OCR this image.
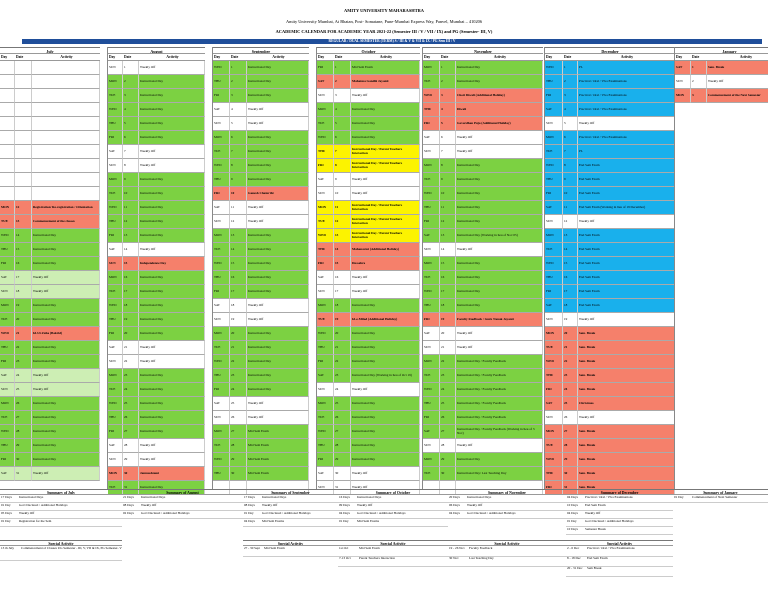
AMITY UNIVERSITY MAHARASHTRA
Amity University Mumbai, At Bhatan, Post- Somatane, Pune-Mumbai Express Way, Panvel, Mumbai – 410206
ACADEMIC CALENDAR FOR ACADEMIC YEAR 2021-22 (Semester III / V / VII / IX) and PG (Semester- III, V)
REGULAR / DUAL SEMESTER (TERM) S / III & V & VII & IX / PG Sem III / V
July
Day	Date	Activity
MON	12	Registration/ Re-registration / Orientation
TUE	13	Commencement of the classes
WED	14	Instructional Day
THU	15	Instructional Day
FRI	16	Instructional Day
SAT	17	Weekly Off
SUN	18	Weekly Off
MON	19	Instructional Day
TUE	20	Instructional Day
WED	21	Id-Ul-Zuha (Bakrid)
THU	22	Instructional Day
FRI	23	Instructional Day
SAT	24	Weekly Off
SUN	25	Weekly Off
MON	26	Instructional Day
TUE	27	Instructional Day
WED	28	Instructional Day
THU	29	Instructional Day
FRI	30	Instructional Day
SAT	31	Weekly Off
August
Day	Date	Activity
SUN	1	Weekly Off
MON	2	Instructional Day
TUE	3	Instructional Day
WED	4	Instructional Day
THU	5	Instructional Day
FRI	6	Instructional Day
SAT	7	Weekly Off
SUN	8	Weekly Off
MON	9	Instructional Day
TUE	10	Instructional Day
WED	11	Instructional Day
THU	12	Instructional Day
FRI	13	Instructional Day
SAT	14	Weekly Off
SUN	15	Independence Day
MON	16	Instructional Day
TUE	17	Instructional Day
WED	18	Instructional Day
THU	19	Instructional Day
FRI	20	Instructional Day
SAT	21	Weekly Off
SUN	22	Weekly Off
MON	23	Instructional Day
TUE	24	Instructional Day
WED	25	Instructional Day
THU	26	Instructional Day
FRI	27	Instructional Day
SAT	28	Weekly Off
SUN	29	Weekly Off
MON	30	Janmashtami
TUE	31	Instructional Day
September
Day	Date	Activity
WED	1	Instructional Day
THU	2	Instructional Day
FRI	3	Instructional Day
SAT	4	Weekly Off
SUN	5	Weekly Off
MON	6	Instructional Day
TUE	7	Instructional Day
WED	8	Instructional Day
THU	9	Instructional Day
FRI	10	Ganesh Chaturthi
SAT	11	Weekly Off
SUN	12	Weekly Off
MON	13	Instructional Day
TUE	14	Instructional Day
WED	15	Instructional Day
THU	16	Instructional Day
FRI	17	Instructional Day
SAT	18	Weekly Off
SUN	19	Weekly Off
MON	20	Instructional Day
TUE	21	Instructional Day
WED	22	Instructional Day
THU	23	Instructional Day
FRI	24	Instructional Day
SAT	25	Weekly Off
SUN	26	Weekly Off
MON	27	Mid Sem Exam
TUE	28	Mid Sem Exam
WED	29	Mid Sem Exam
THU	30	Mid Sem Exam
October
Day	Date	Activity
FRI	1	Mid Sem Exam
SAT	2	Mahatma Gandhi Jayanti
SUN	3	Weekly Off
MON	4	Instructional Day
TUE	5	Instructional Day
WED	6	Instructional Day
THU	7	Instructional Day / Parent Teachers Interaction
FRI	8	Instructional Day / Parent Teachers Interaction
SAT	9	Weekly Off
SUN	10	Weekly Off
MON	11	Instructional Day / Parent Teachers Interaction
TUE	12	Instructional Day / Parent Teachers Interaction
WED	13	Instructional Day / Parent Teachers Interaction
THU	14	Mahanavmi (Additional Holiday)
FRI	15	Dussehra
SAT	16	Weekly Off
SUN	17	Weekly Off
MON	18	Instructional Day
TUE	19	Id-e-Milad (Additional Holiday)
WED	20	Instructional Day
THU	21	Instructional Day
FRI	22	Instructional Day
SAT	23	Instructional Day (Working in lieu of Oct 19)
SUN	24	Weekly Off
MON	25	Instructional Day
TUE	26	Instructional Day
WED	27	Instructional Day
THU	28	Instructional Day
FRI	29	Instructional Day
SAT	30	Weekly Off
SUN	31	Weekly Off
November
Day	Date	Activity
MON	1	Instructional Day
TUE	2	Instructional Day
WED	3	Choti Diwali (Additional Holiday)
THU	4	Diwali
FRI	5	Govardhan Puja (Additional Holiday)
SAT	6	Weekly Off
SUN	7	Weekly Off
MON	8	Instructional Day
TUE	9	Instructional Day
WED	10	Instructional Day
THU	11	Instructional Day
FRI	12	Instructional Day
SAT	13	Instructional Day (Working in lieu of Nov 05)
SUN	14	Weekly Off
MON	15	Instructional Day
TUE	16	Instructional Day
WED	17	Instructional Day
THU	18	Instructional Day
FRI	19	Faculty Feedback / Guru Nanak Jayanti
SAT	20	Weekly Off
SUN	21	Weekly Off
MON	22	Instructional Day / Faculty Feedback
TUE	23	Instructional Day / Faculty Feedback
WED	24	Instructional Day / Faculty Feedback
THU	25	Instructional Day / Faculty Feedback
FRI	26	Instructional Day / Faculty Feedback
SAT	27	Instructional Day / Faculty Feedback (Working in lieu of 3 Nov)
SUN	28	Weekly Off
MON	29	Instructional Day
TUE	30	Instructional Day/ Last Teaching Day
December
Day	Date	Activity
WED	1	PL
THU	2	Practical / Oral / Viva Examinations
FRI	3	Practical / Oral / Viva Examinations
SAT	4	Practical / Oral / Viva Examinations
SUN	5	Weekly Off
MON	6	Practical / Oral / Viva Examinations
TUE	7	PL
WED	8	End Sem Exam
THU	9	End Sem Exam
FRI	10	End Sem Exam
SAT	11	End Sem Exam (Working in lieu of 19 December)
SUN	12	Weekly Off
MON	13	End Sem Exam
TUE	14	End Sem Exam
WED	15	End Sem Exam
THU	16	End Sem Exam
FRI	17	End Sem Exam
SAT	18	End Sem Exam
SUN	19	Weekly Off
MON	20	Sem. Break
TUE	21	Sem. Break
WED	22	Sem. Break
THU	23	Sem. Break
FRI	24	Sem. Break
SAT	25	Christmas
SUN	26	Weekly Off
MON	27	Sem. Break
TUE	28	Sem. Break
WED	29	Sem. Break
THU	30	Sem. Break
FRI	31	Sem. Break
January
Day	Date	Activity
SAT	1	Sem. Break
SUN	2	Weekly Off
MON	3	Commencement of the Next Semester
Summary of July
17 Days	Instructional Days
01 Day	Govt Declared / Additional Holidays
05 Days	Weekly Off
01 Day	Registration for the Sem
Summary of August
21 Days	Instructional Days
08 Days	Weekly Off
02 Days	Govt Declared / Additional Holidays
Summary of September
17 Days	Instructional Days
08 Days	Weekly Off
01 Day	Govt Declared / Additional Holidays
04 Days	Mid Sem Exams
Summary of October
16 Days	Instructional Days
09 Days	Weekly Off
04 Days	Govt Declared / Additional Holidays
01 Day	Mid Sem Exams
Summary of November
20 Days	Instructional Days
06 Days	Weekly Off
04 Days	Govt Declared / Additional Holidays
Summary of December
04 Days	Practical / Oral / Viva Examinations
10 Days	End Sem Exam
04 Days	Weekly Off
01 Day	Govt Declared / Additional Holidays
10 Days	Semester Break
Summary of January
01 Day	Commencement of Next Semester
Special Activity
13 th July	Commencement of Classes UG Semester - III, V, VII & IX, PG Semester- V
Special Activity
27 - 30 Sept	Mid Sem Exam
Special Activity
1st Oct	Mid Sem Exam
7-13 Oct	Parent Teachers Interaction
Special Activity
19 - 26 Nov	Faculty Feedback
30 Nov	Last Teaching Day
Special Activity
2 - 6 Dec	Practical / Oral / Viva Examinations
8 - 18 Dec	End Sem Exam
20 - 31 Dec	Sem Break
